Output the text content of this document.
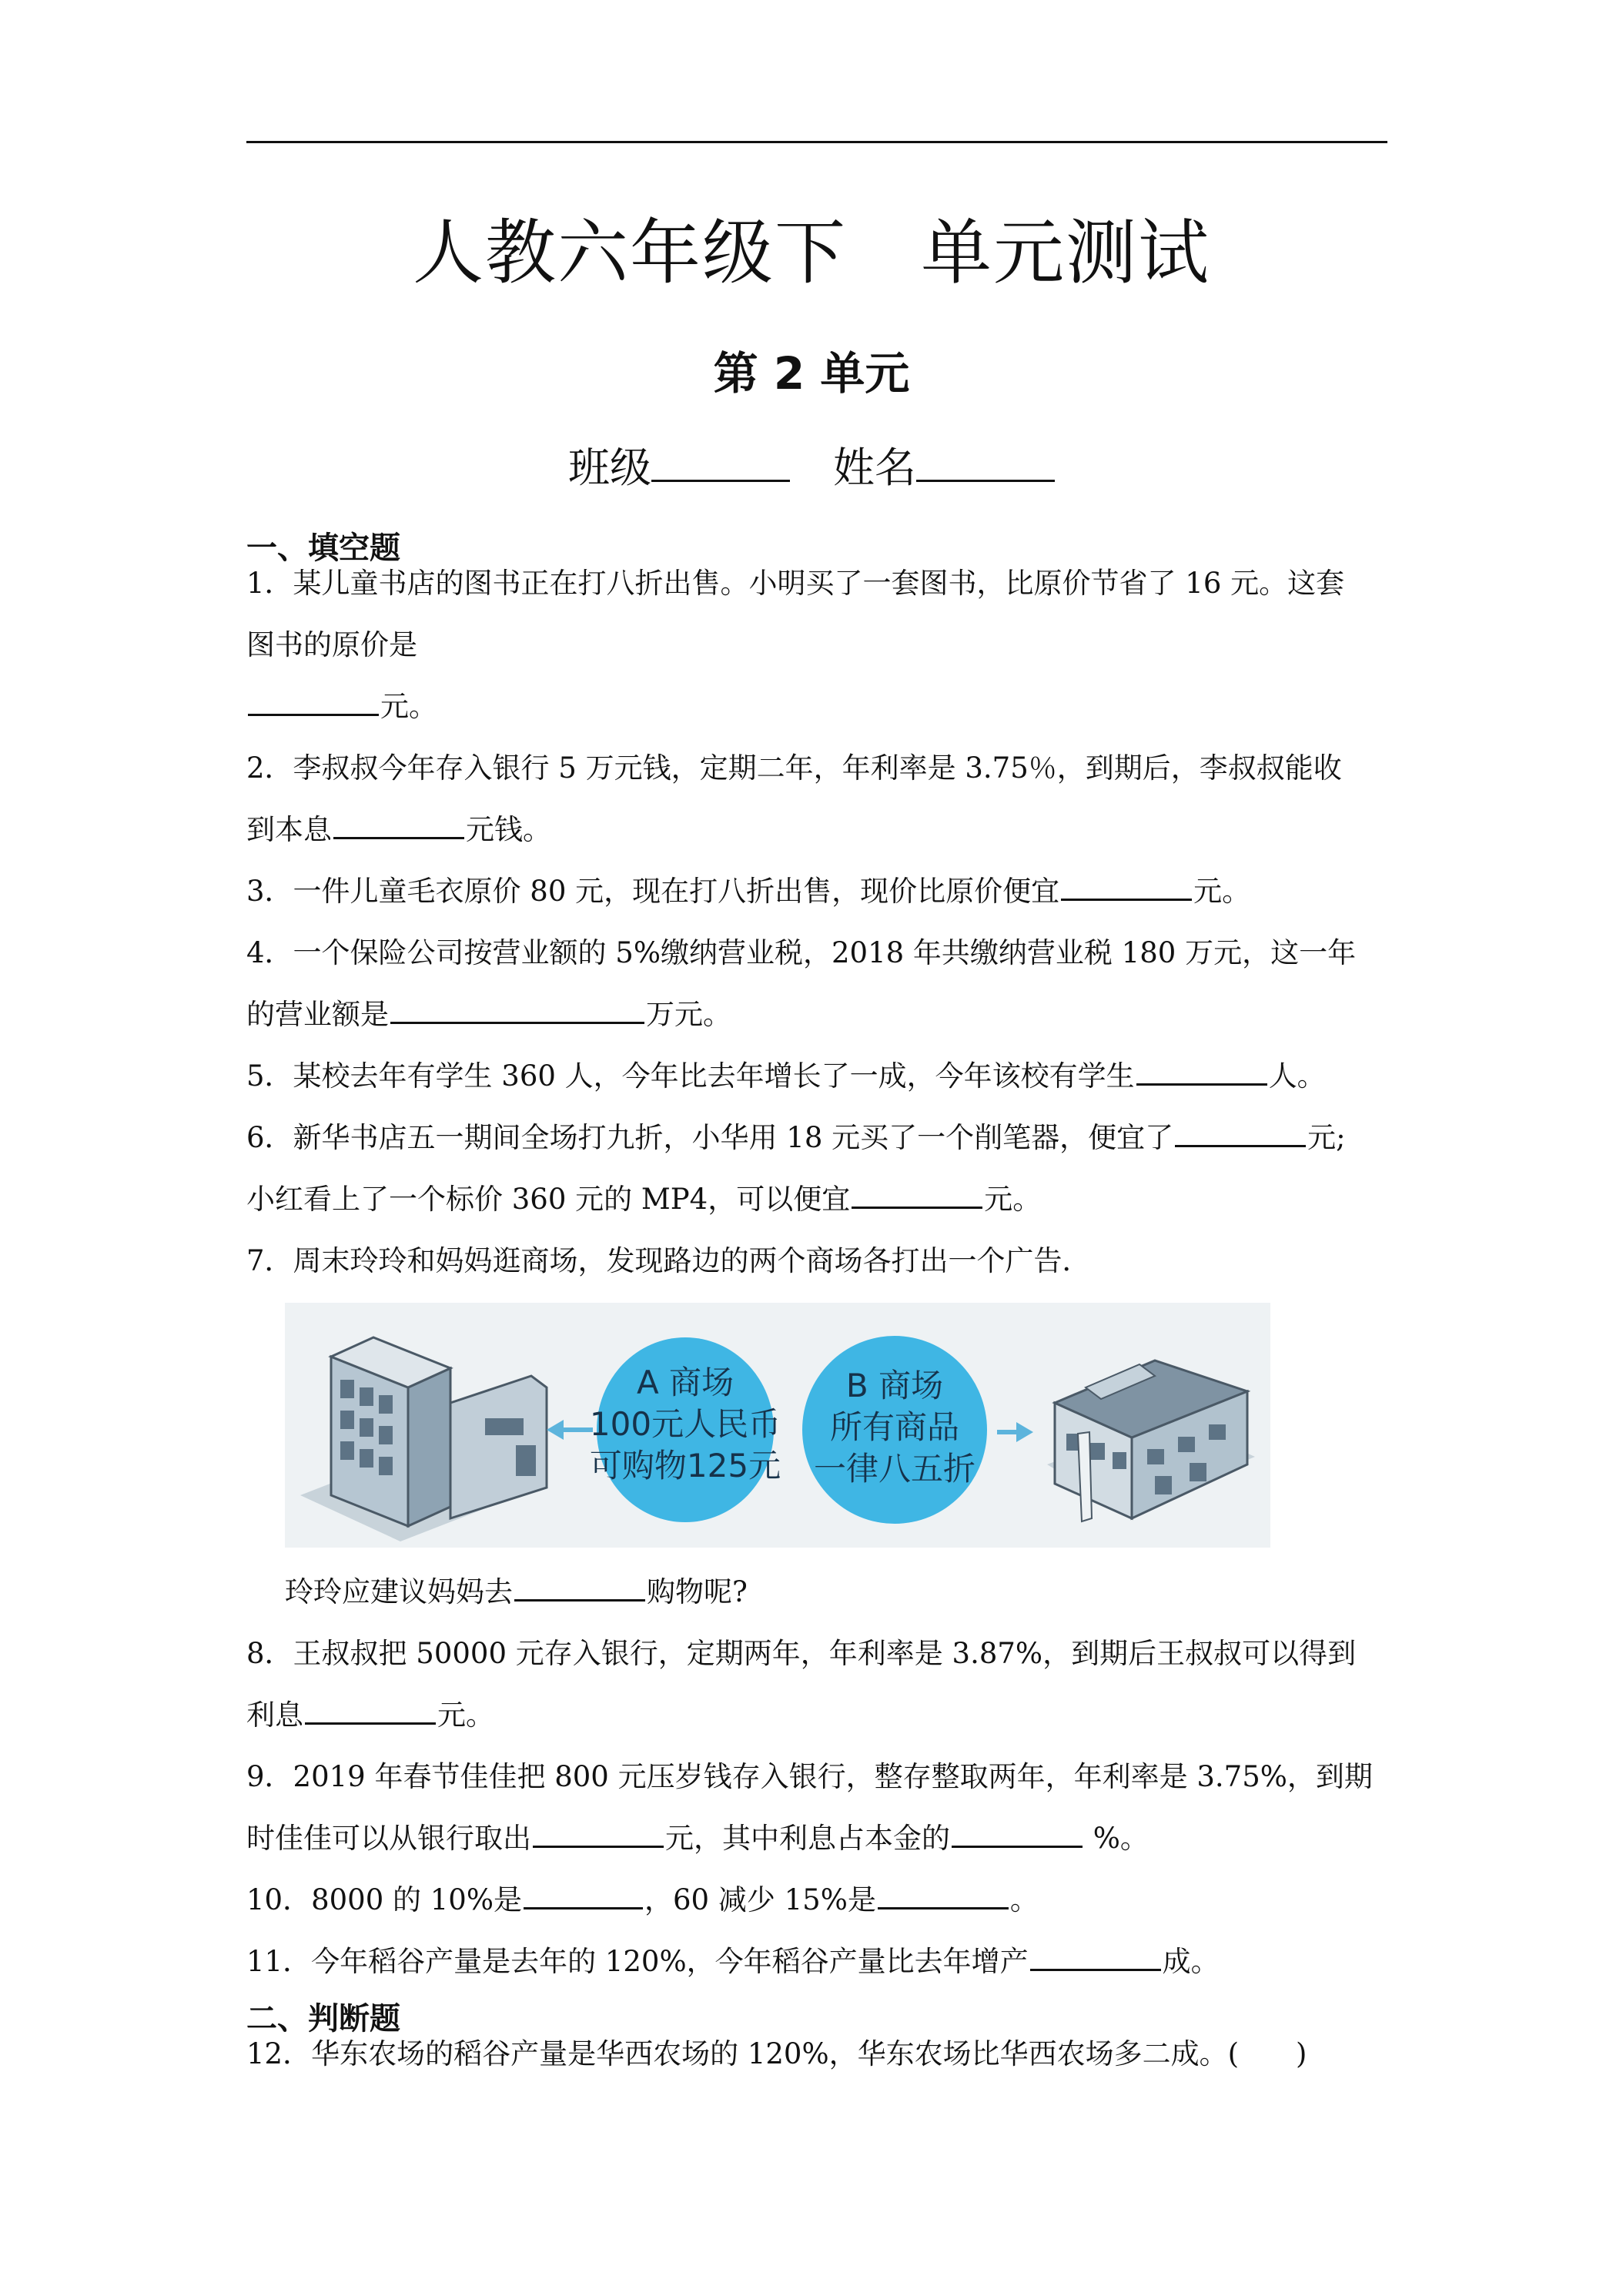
人教六年级下 单元测试
第 2 单元
班级	姓名
一、填空题
1．某儿童书店的图书正在打八折出售。小明买了一套图书，比原价节省了 16 元。这套
图书的原价是
元。
2．李叔叔今年存入银行 5 万元钱，定期二年，年利率是 3.75％，到期后，李叔叔能收
到本息	元钱。
3．一件儿童毛衣原价 80 元，现在打八折出售，现价比原价便宜	元。
4．一个保险公司按营业额的 5%缴纳营业税，2018 年共缴纳营业税 180 万元，这一年
的营业额是	万元。
5．某校去年有学生 360 人，今年比去年增长了一成，今年该校有学生	人。
6．新华书店五一期间全场打九折，小华用 18 元买了一个削笔器，便宜了	元;
小红看上了一个标价 360 元的 MP4，可以便宜	元。
7．周末玲玲和妈妈逛商场，发现路边的两个商场各打出一个广告．
A 商场
100元人民币
可购物125元
B 商场
所有商品
一律八五折
玲玲应建议妈妈去	购物呢?
8．王叔叔把 50000 元存入银行，定期两年，年利率是 3.87%，到期后王叔叔可以得到
利息	元。
9．2019 年春节佳佳把 800 元压岁钱存入银行，整存整取两年，年利率是 3.75%，到期
时佳佳可以从银行取出	元，其中利息占本金的	%。
10．8000 的 10%是	，60 减少 15%是	。
11．今年稻谷产量是去年的 120%，今年稻谷产量比去年增产	成。
二、判断题
12．华东农场的稻谷产量是华西农场的 120%，华东农场比华西农场多二成。(　　)
